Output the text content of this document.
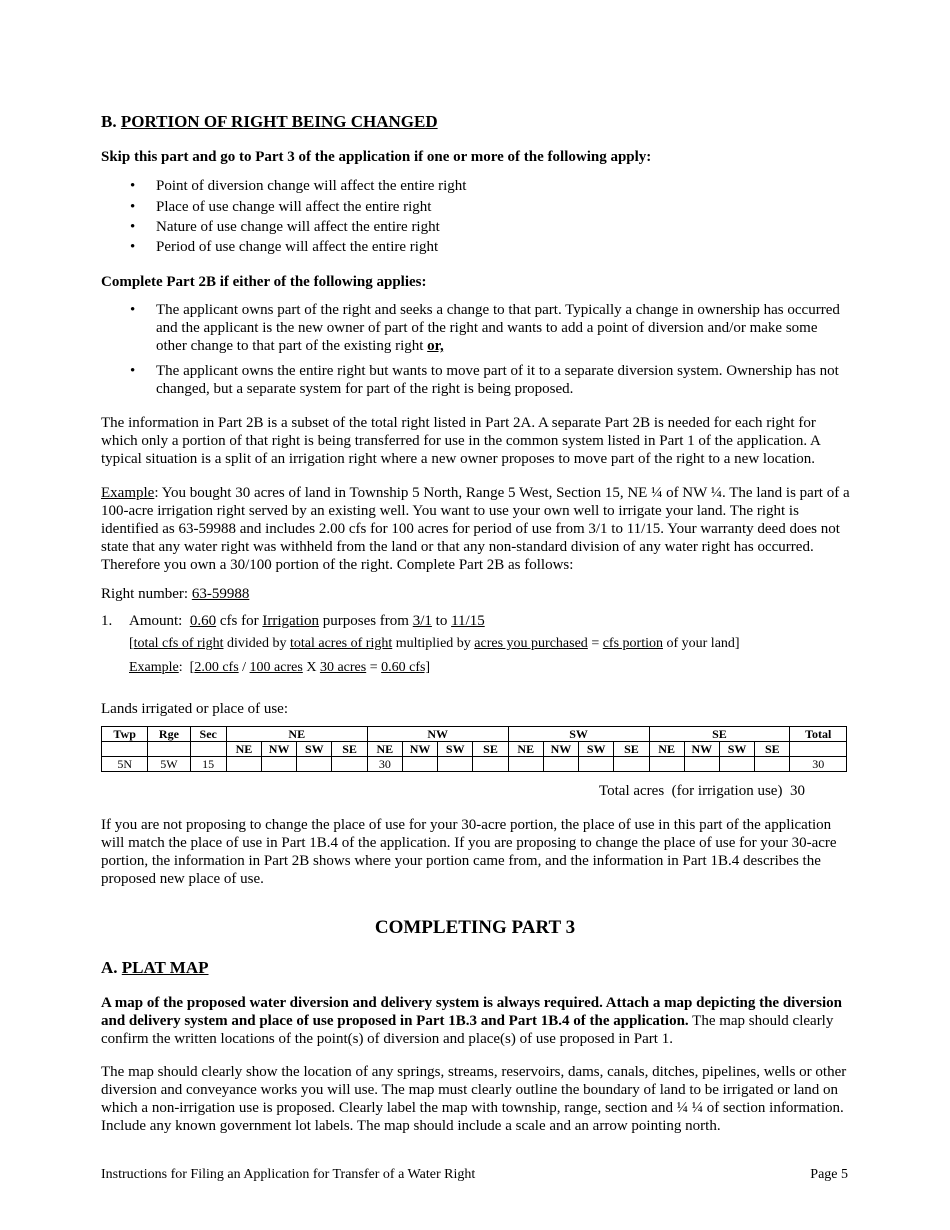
B. PORTION OF RIGHT BEING CHANGED
Skip this part and go to Part 3 of the application if one or more of the following apply:
• Point of diversion change will affect the entire right
• Place of use change will affect the entire right
• Nature of use change will affect the entire right
• Period of use change will affect the entire right
Complete Part 2B if either of the following applies:
• The applicant owns part of the right and seeks a change to that part. Typically a change in ownership has occurred and the applicant is the new owner of part of the right and wants to add a point of diversion and/or make some other change to that part of the existing right or,
• The applicant owns the entire right but wants to move part of it to a separate diversion system. Ownership has not changed, but a separate system for part of the right is being proposed.
The information in Part 2B is a subset of the total right listed in Part 2A. A separate Part 2B is needed for each right for which only a portion of that right is being transferred for use in the common system listed in Part 1 of the application. A typical situation is a split of an irrigation right where a new owner proposes to move part of the right to a new location.
Example: You bought 30 acres of land in Township 5 North, Range 5 West, Section 15, NE ¼ of NW ¼. The land is part of a 100-acre irrigation right served by an existing well. You want to use your own well to irrigate your land. The right is identified as 63-59988 and includes 2.00 cfs for 100 acres for period of use from 3/1 to 11/15. Your warranty deed does not state that any water right was withheld from the land or that any non-standard division of any water right has occurred. Therefore you own a 30/100 portion of the right. Complete Part 2B as follows:
Right number: 63-59988
1. Amount:  0.60 cfs for Irrigation purposes from 3/1 to 11/15
[total cfs of right divided by total acres of right multiplied by acres you purchased = cfs portion of your land]
Example:  [2.00 cfs / 100 acres X 30 acres = 0.60 cfs]
Lands irrigated or place of use:
Twp	Rge	Sec	NE				NW				SW				SE				Total
			NE	NW	SW	SE	NE	NW	SW	SE	NE	NW	SW	SE	NE	NW	SW	SE	
5N	5W	15					30												30
Total acres  (for irrigation use) 30
If you are not proposing to change the place of use for your 30-acre portion, the place of use in this part of the application will match the place of use in Part 1B.4 of the application. If you are proposing to change the place of use for your 30-acre portion, the information in Part 2B shows where your portion came from, and the information in Part 1B.4 describes the proposed new place of use.
COMPLETING PART 3
A. PLAT MAP
A map of the proposed water diversion and delivery system is always required. Attach a map depicting the diversion and delivery system and place of use proposed in Part 1B.3 and Part 1B.4 of the application. The map should clearly confirm the written locations of the point(s) of diversion and place(s) of use proposed in Part 1.
The map should clearly show the location of any springs, streams, reservoirs, dams, canals, ditches, pipelines, wells or other diversion and conveyance works you will use. The map must clearly outline the boundary of land to be irrigated or land on which a non-irrigation use is proposed. Clearly label the map with township, range, section and ¼ ¼ of section information. Include any known government lot labels. The map should include a scale and an arrow pointing north.
Instructions for Filing an Application for Transfer of a Water Right	Page 5
